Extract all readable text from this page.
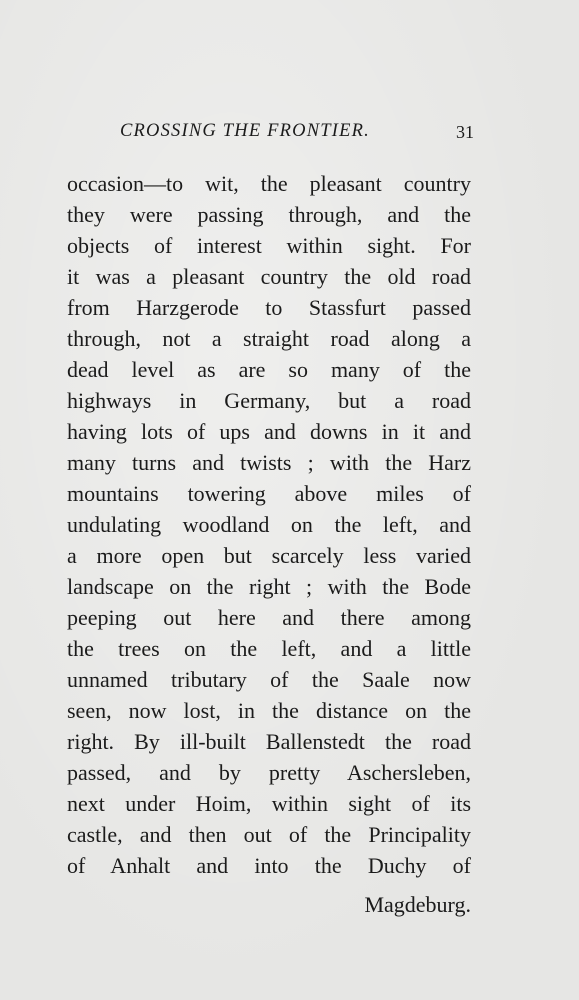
CROSSING THE FRONTIER.	31
occasion—to wit, the pleasant country
they were passing through, and the
objects of interest within sight. For
it was a pleasant country the old road
from Harzgerode to Stassfurt passed
through, not a straight road along a
dead level as are so many of the
highways in Germany, but a road
having lots of ups and downs in it and
many turns and twists ; with the Harz
mountains towering above miles of
undulating woodland on the left, and
a more open but scarcely less varied
landscape on the right ; with the Bode
peeping out here and there among
the trees on the left, and a little
unnamed tributary of the Saale now
seen, now lost, in the distance on the
right. By ill-built Ballenstedt the road
passed, and by pretty Aschersleben,
next under Hoim, within sight of its
castle, and then out of the Principality
of Anhalt and into the Duchy of
Magdeburg.
